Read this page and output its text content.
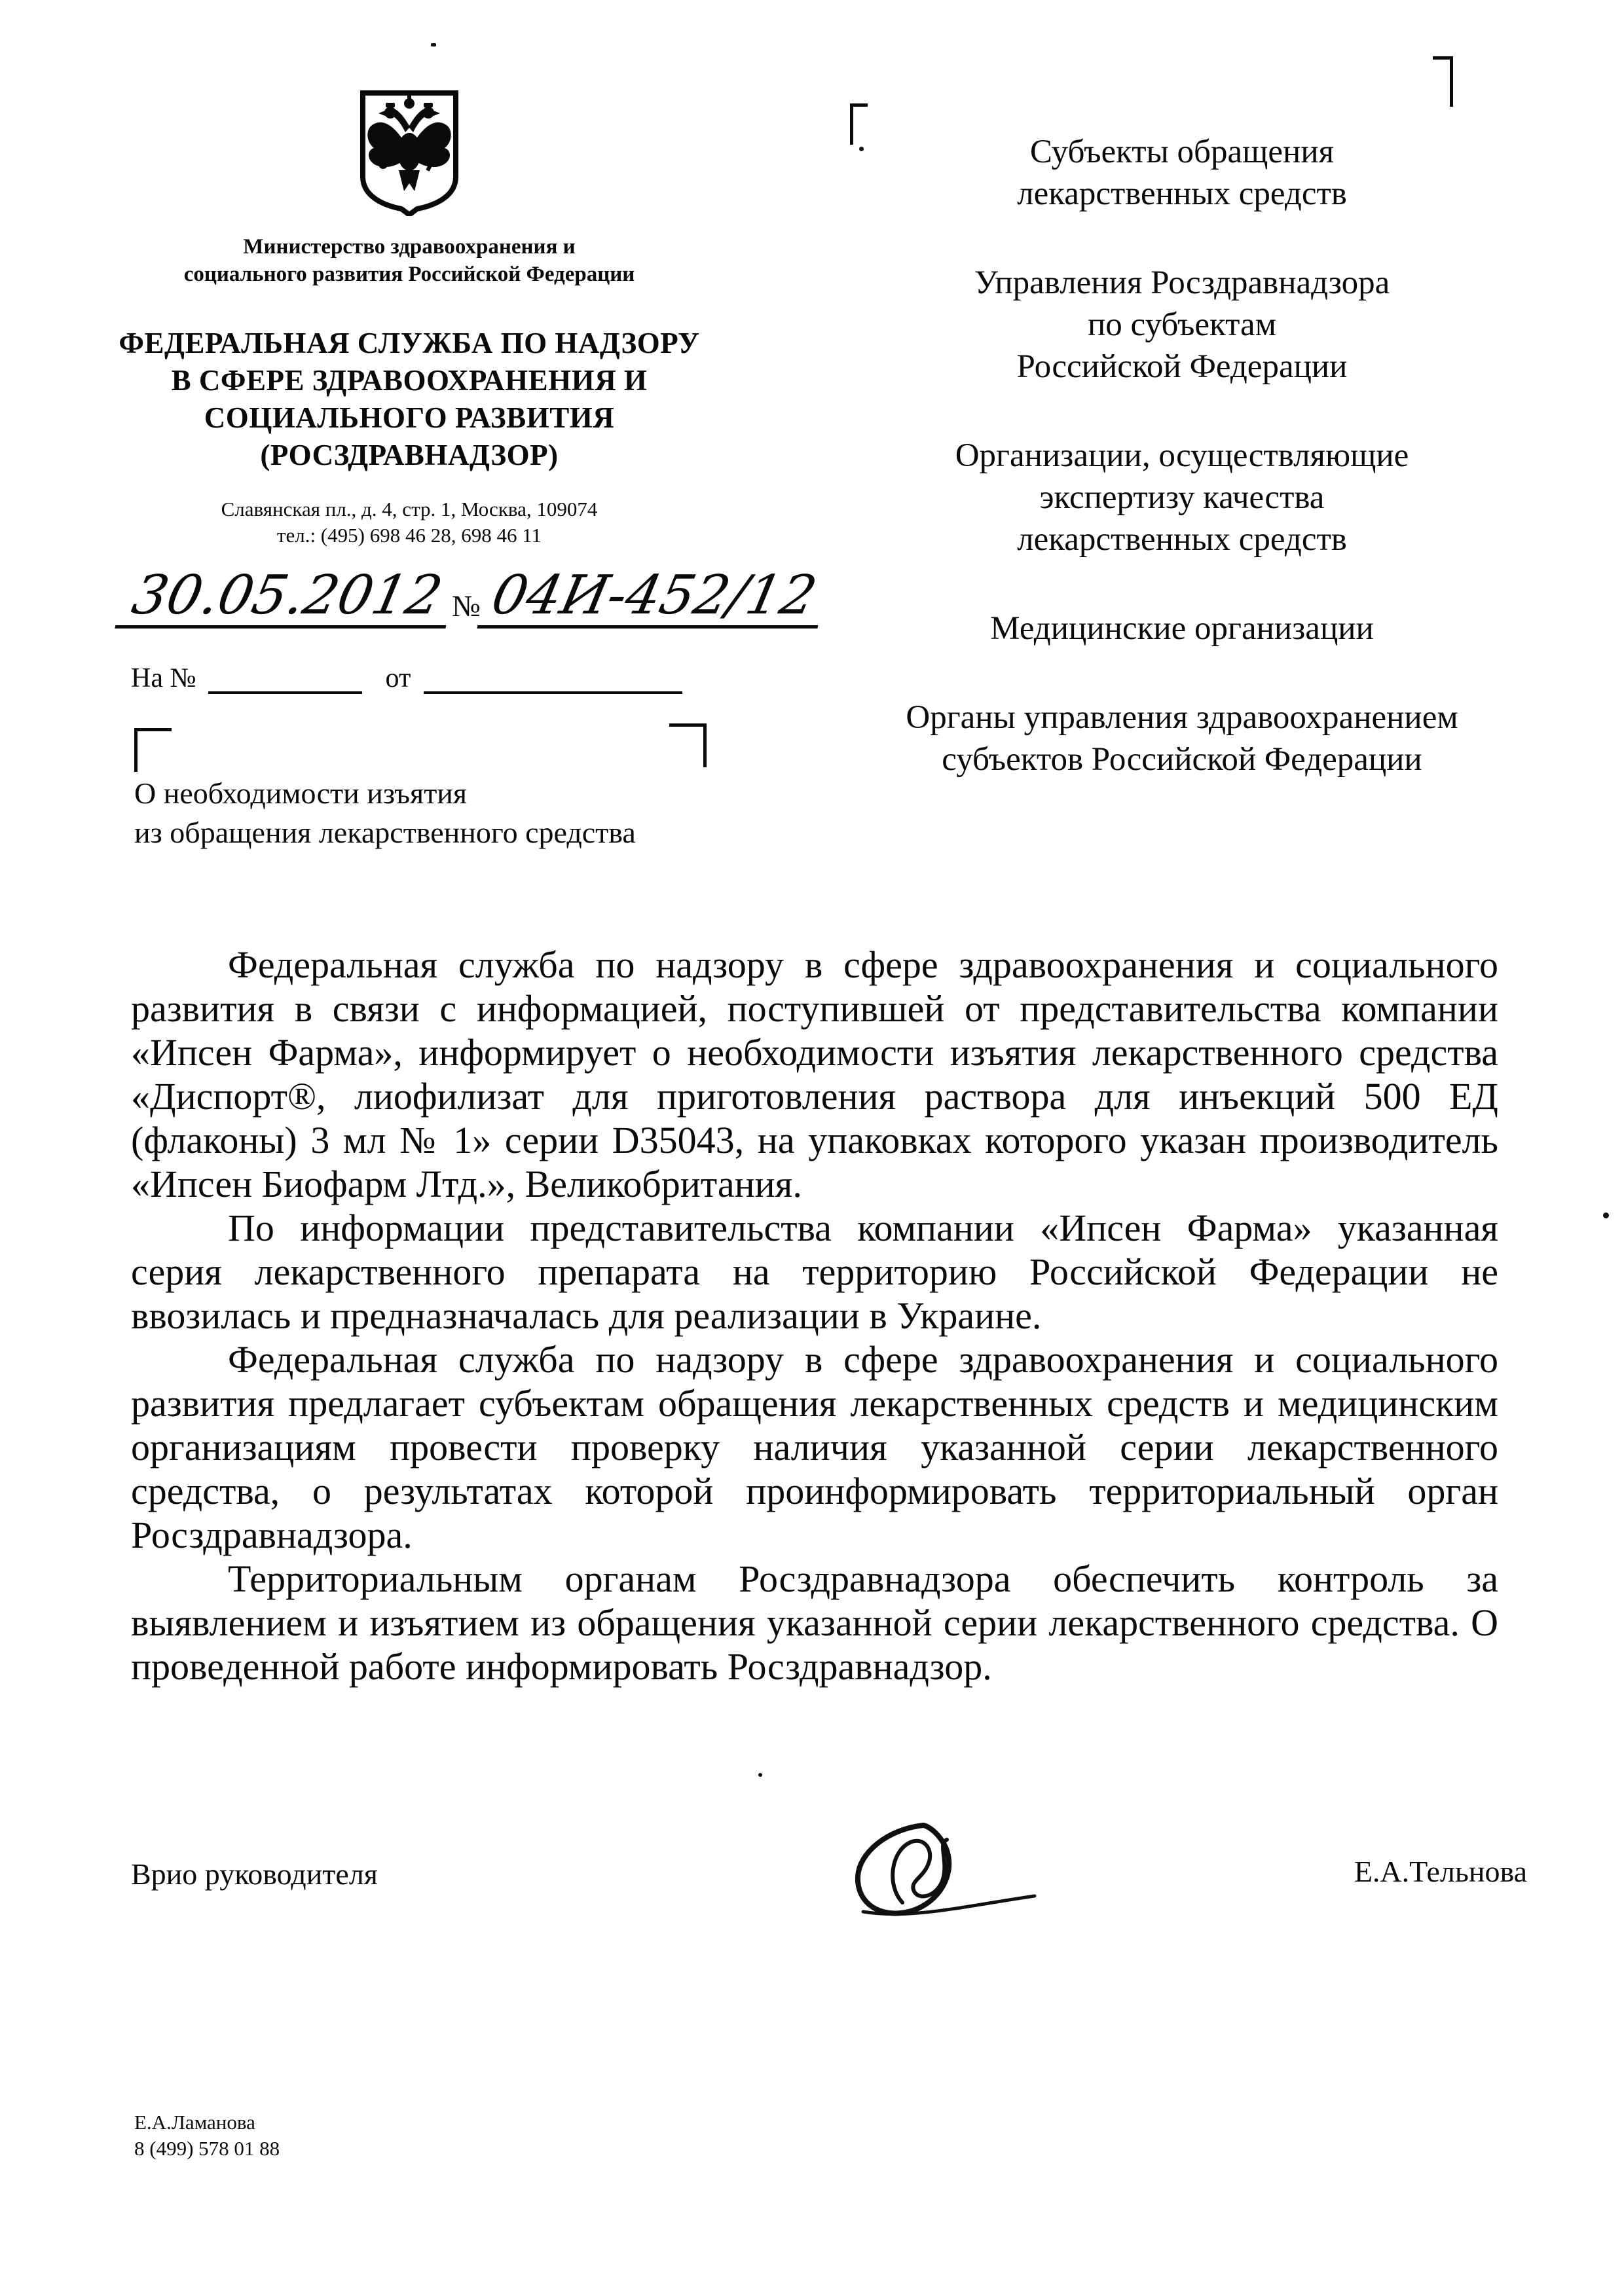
Министерство здравоохранения и
социального развития Российской Федерации
ФЕДЕРАЛЬНАЯ СЛУЖБА ПО НАДЗОРУ
В СФЕРЕ ЗДРАВООХРАНЕНИЯ И
СОЦИАЛЬНОГО РАЗВИТИЯ
(РОСЗДРАВНАДЗОР)
Славянская пл., д. 4, стр. 1, Москва, 109074
тел.: (495) 698 46 28, 698 46 11
30.05.2012 № 04И-452/12
На №	от
О необходимости изъятия
из обращения лекарственного средства
Субъекты обращения
лекарственных средств
Управления Росздравнадзора
по субъектам
Российской Федерации
Организации, осуществляющие
экспертизу качества
лекарственных средств
Медицинские организации
Органы управления здравоохранением
субъектов Российской Федерации

Федеральная служба по надзору в сфере здравоохранения и социального развития в связи с информацией, поступившей от представительства компании «Ипсен Фарма», информирует о необходимости изъятия лекарственного средства «Диспорт®, лиофилизат для приготовления раствора для инъекций 500 ЕД (флаконы) 3 мл № 1» серии D35043, на упаковках которого указан производитель «Ипсен Биофарм Лтд.», Великобритания.

По информации представительства компании «Ипсен Фарма» указанная серия лекарственного препарата на территорию Российской Федерации не ввозилась и предназначалась для реализации в Украине.

Федеральная служба по надзору в сфере здравоохранения и социального развития предлагает субъектам обращения лекарственных средств и медицинским организациям провести проверку наличия указанной серии лекарственного средства, о результатах которой проинформировать территориальный орган Росздравнадзора.

Территориальным органам Росздравнадзора обеспечить контроль за выявлением и изъятием из обращения указанной серии лекарственного средства. О проведенной работе информировать Росздравнадзор.

Врио руководителя	Е.А.Тельнова
Е.А.Ламанова
8 (499) 578 01 88
